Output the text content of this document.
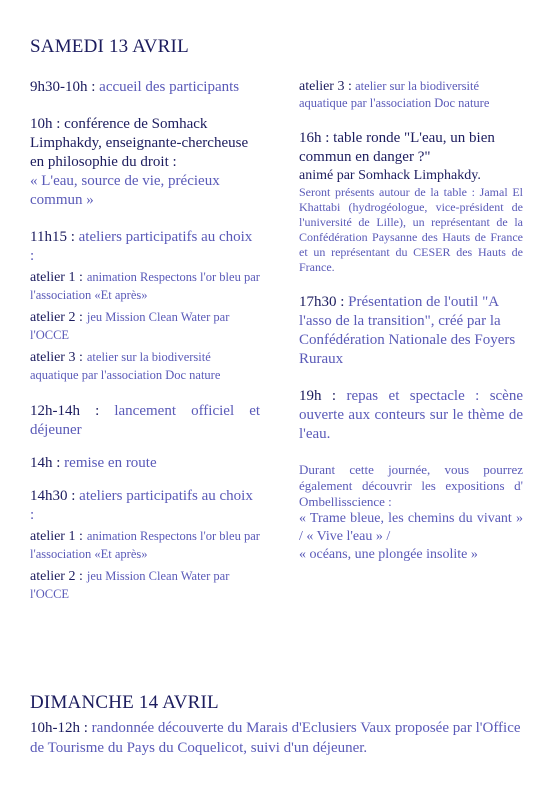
SAMEDI 13 AVRIL
9h30-10h : accueil des participants
10h : conférence de Somhack Limphakdy, enseignante-chercheuse en philosophie du droit :
« L'eau, source de vie, précieux commun »
11h15 : ateliers participatifs au choix :
atelier 1 : animation Respectons l'or bleu par l'association «Et après»
atelier 2 : jeu Mission Clean Water par l'OCCE
atelier 3 : atelier sur la biodiversité aquatique par l'association Doc nature
12h-14h : lancement officiel et déjeuner
14h : remise en route
14h30 : ateliers participatifs au choix :
atelier 1 : animation Respectons l'or bleu par l'association «Et après»
atelier 2 : jeu Mission Clean Water par l'OCCE
atelier 3 : atelier sur la biodiversité aquatique par l'association Doc nature
16h : table ronde "L'eau, un bien commun en danger ?"
animé par Somhack Limphakdy.
Seront présents autour de la table : Jamal El Khattabi (hydrogéologue, vice-président de l'université de Lille), un représentant de la Confédération Paysanne des Hauts de France et un représentant du CESER des Hauts de France.
17h30 : Présentation de l'outil "A l'asso de la transition", créé par la Confédération Nationale des Foyers Ruraux
19h : repas et spectacle : scène ouverte aux conteurs sur le thème de l'eau.
Durant cette journée, vous pourrez également découvrir les expositions d' Ombellisscience :
« Trame bleue, les chemins du vivant » / « Vive l'eau » /
« océans, une plongée insolite »
DIMANCHE 14 AVRIL
10h-12h : randonnée découverte du Marais d'Eclusiers Vaux proposée par l'Office de Tourisme du Pays du Coquelicot, suivi d'un déjeuner.
